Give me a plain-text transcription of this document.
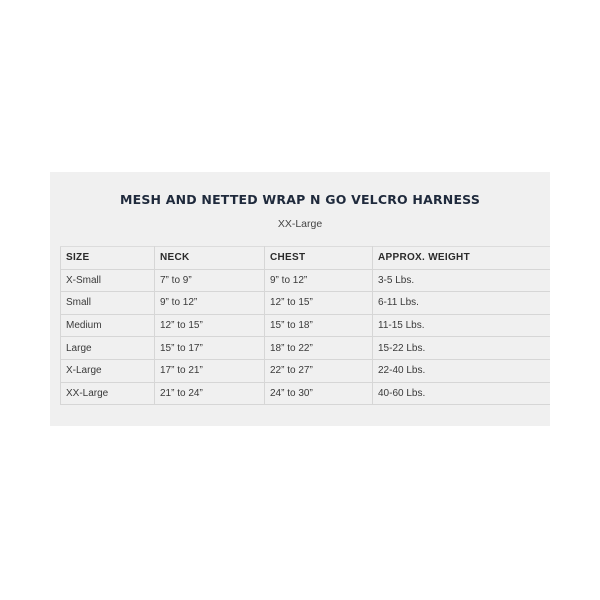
MESH AND NETTED WRAP N GO VELCRO HARNESS
XX-Large
SIZE	NECK	CHEST	APPROX. WEIGHT
X-Small	7” to 9”	9” to 12”	3-5 Lbs.
Small	9” to 12”	12” to 15”	6-11 Lbs.
Medium	12” to 15”	15” to 18”	11-15 Lbs.
Large	15” to 17”	18” to 22”	15-22 Lbs.
X-Large	17” to 21”	22” to 27”	22-40 Lbs.
XX-Large	21” to 24”	24” to 30”	40-60 Lbs.
